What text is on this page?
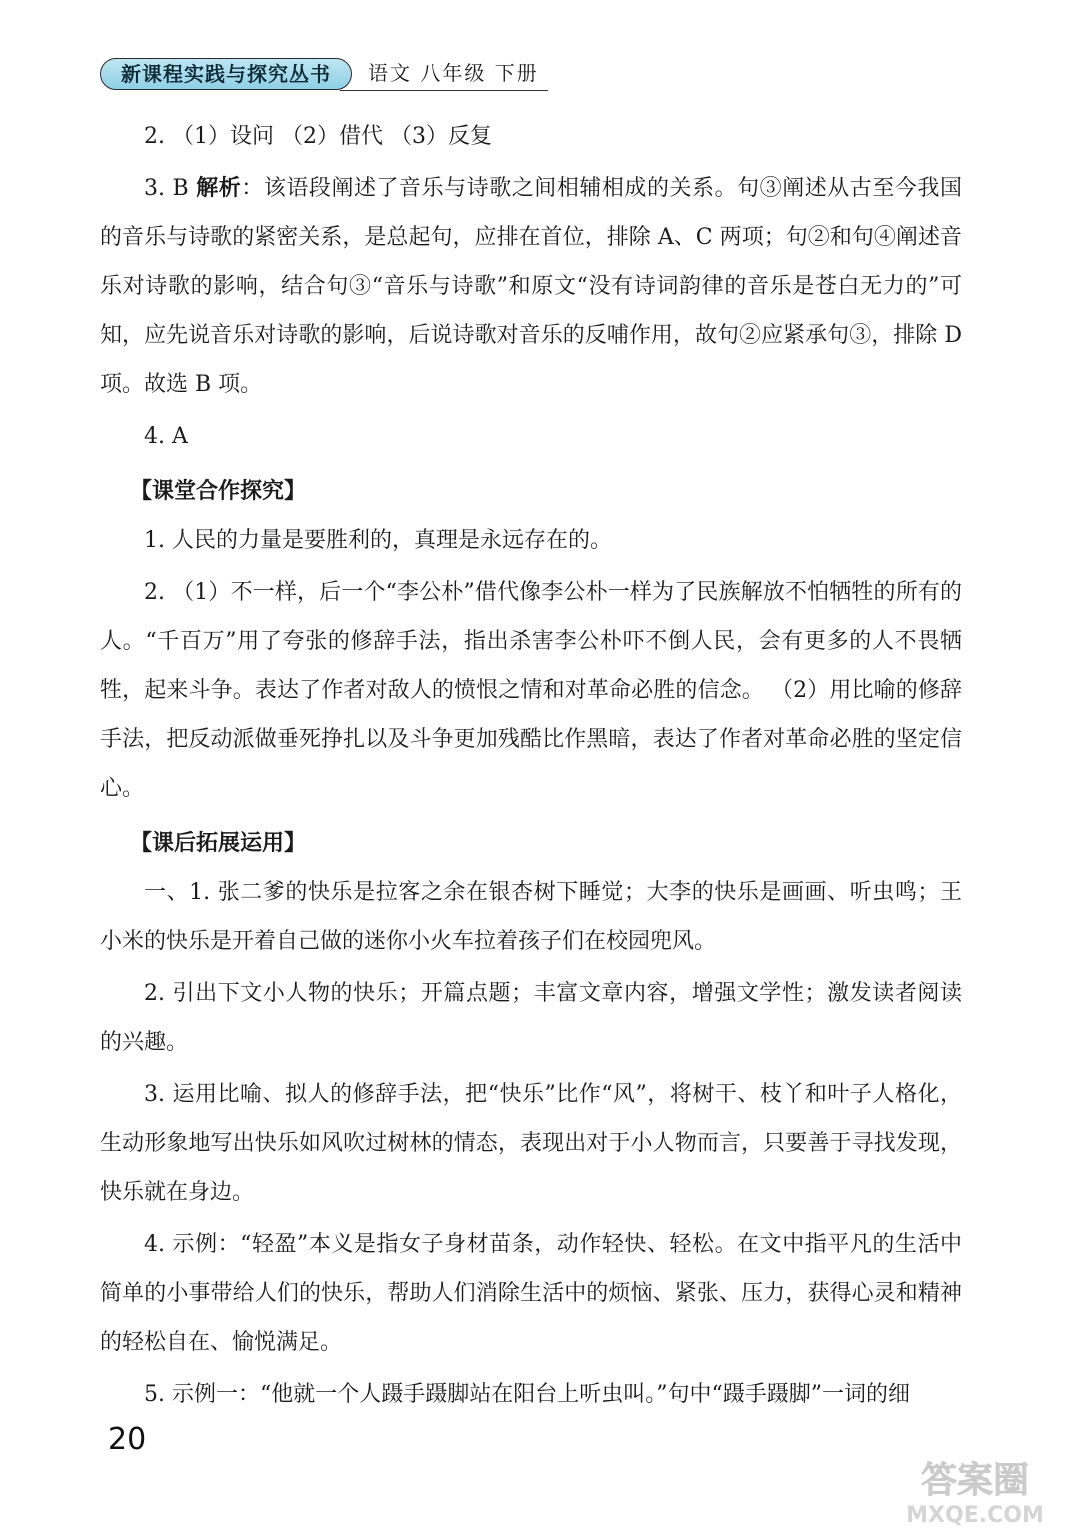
新课程实践与探究丛书	语文 八年级 下册

2. （1）设问 （2）借代 （3）反复

3. B 解析：该语段阐述了音乐与诗歌之间相辅相成的关系。句③阐述从古至今我国的音乐与诗歌的紧密关系，是总起句，应排在首位，排除 A、C 两项；句②和句④阐述音乐对诗歌的影响，结合句③“音乐与诗歌”和原文“没有诗词韵律的音乐是苍白无力的”可知，应先说音乐对诗歌的影响，后说诗歌对音乐的反哺作用，故句②应紧承句③，排除 D 项。故选 B 项。

4. A

【课堂合作探究】

1. 人民的力量是要胜利的，真理是永远存在的。

2. （1）不一样，后一个“李公朴”借代像李公朴一样为了民族解放不怕牺牲的所有的人。“千百万”用了夸张的修辞手法，指出杀害李公朴吓不倒人民，会有更多的人不畏牺牲，起来斗争。表达了作者对敌人的愤恨之情和对革命必胜的信念。 （2）用比喻的修辞手法，把反动派做垂死挣扎以及斗争更加残酷比作黑暗，表达了作者对革命必胜的坚定信心。

【课后拓展运用】

一、1. 张二爹的快乐是拉客之余在银杏树下睡觉；大李的快乐是画画、听虫鸣；王小米的快乐是开着自己做的迷你小火车拉着孩子们在校园兜风。

2. 引出下文小人物的快乐；开篇点题；丰富文章内容，增强文学性；激发读者阅读的兴趣。

3. 运用比喻、拟人的修辞手法，把“快乐”比作“风”，将树干、枝丫和叶子人格化，生动形象地写出快乐如风吹过树林的情态，表现出对于小人物而言，只要善于寻找发现，快乐就在身边。

4. 示例：“轻盈”本义是指女子身材苗条，动作轻快、轻松。在文中指平凡的生活中简单的小事带给人们的快乐，帮助人们消除生活中的烦恼、紧张、压力，获得心灵和精神的轻松自在、愉悦满足。

5. 示例一：“他就一个人蹑手蹑脚站在阳台上听虫叫。”句中“蹑手蹑脚”一词的细

20
答案圈
MXQE.COM
